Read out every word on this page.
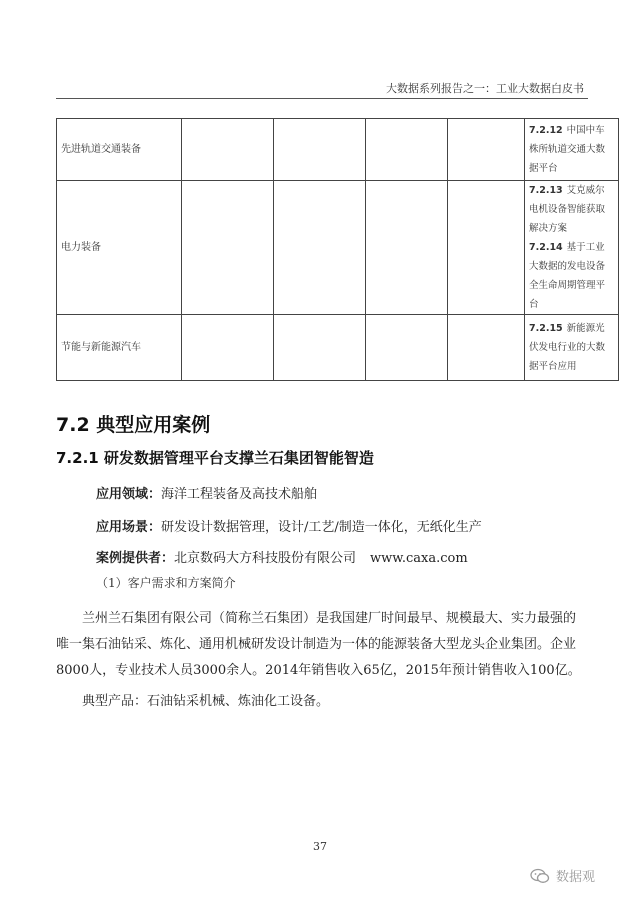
大数据系列报告之一：工业大数据白皮书
先进轨道交通装备					7.2.12 中国中车株所轨道交通大数据平台

电力装备					7.2.13 艾克威尔电机设备智能获取解决方案
7.2.14 基于工业大数据的发电设备全生命周期管理平台

节能与新能源汽车					7.2.15 新能源光伏发电行业的大数据平台应用
7.2 典型应用案例
7.2.1 研发数据管理平台支撑兰石集团智能智造
应用领域：海洋工程装备及高技术船舶
应用场景：研发设计数据管理，设计/工艺/制造一体化，无纸化生产
案例提供者：北京数码大方科技股份有限公司 www.caxa.com
（1）客户需求和方案简介
兰州兰石集团有限公司（简称兰石集团）是我国建厂时间最早、规模最大、实力最强的唯一集石油钻采、炼化、通用机械研发设计制造为一体的能源装备大型龙头企业集团。企业8000人，专业技术人员3000余人。2014年销售收入65亿，2015年预计销售收入100亿。
典型产品：石油钻采机械、炼油化工设备。
37
数据观
